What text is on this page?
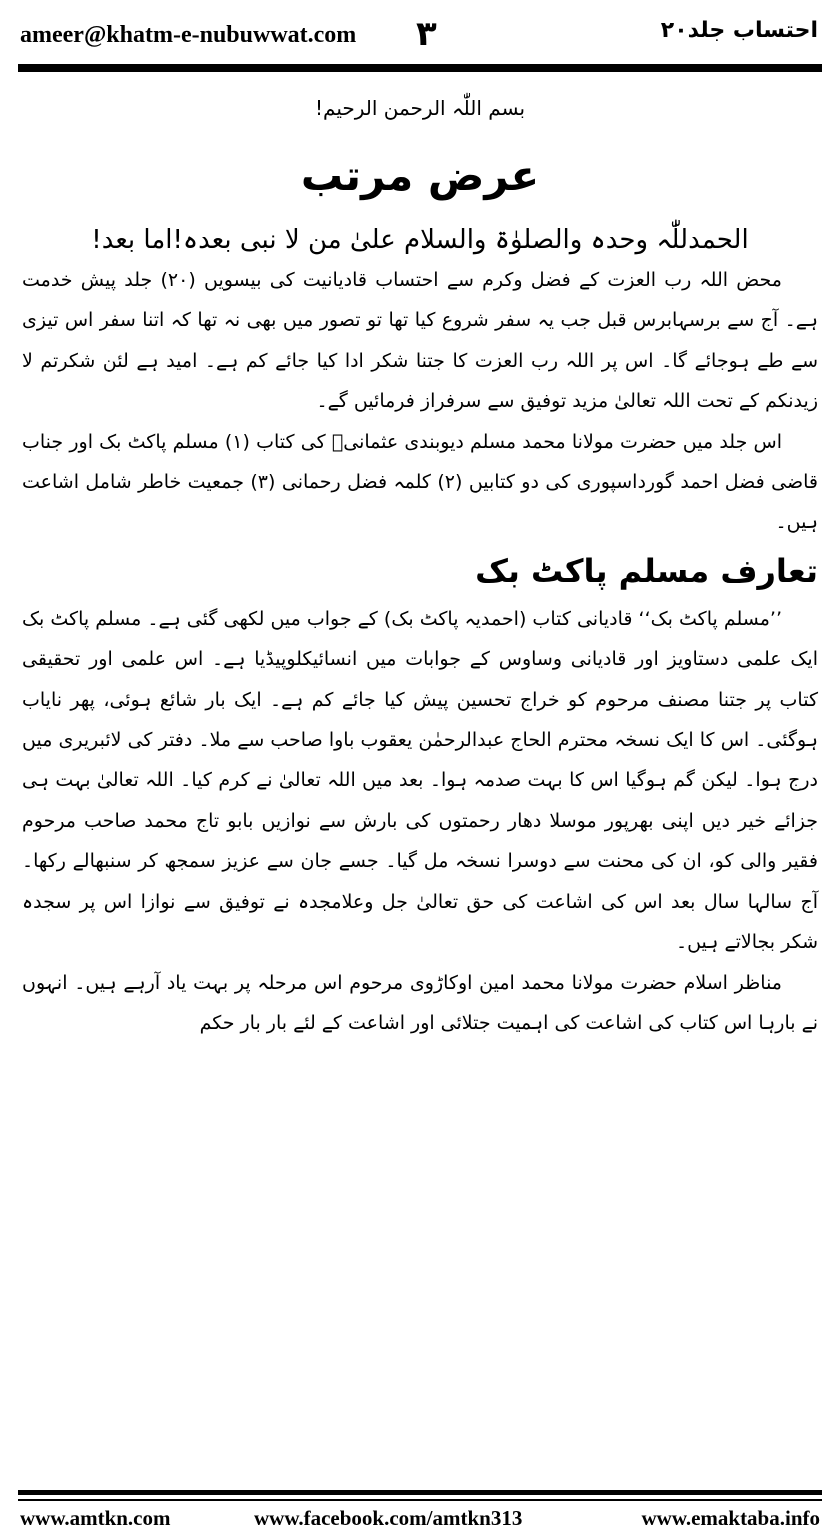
ameer@khatm-e-nubuwwat.com ۳	احتساب جلد۲۰
بسم اللّٰہ الرحمن الرحیم!
عرض مرتب
الحمدللّٰہ وحدہ والصلوٰۃ والسلام علیٰ من لا نبی بعدہ!اما بعد!
محض اللہ رب العزت کے فضل وکرم سے احتساب قادیانیت کی بیسویں (۲۰) جلد پیش خدمت ہے۔ آج سے برسہابرس قبل جب یہ سفر شروع کیا تھا تو تصور میں بھی نہ تھا کہ اتنا سفر اس تیزی سے طے ہوجائے گا۔ اس پر اللہ رب العزت کا جتنا شکر ادا کیا جائے کم ہے۔ امید ہے لئن شکرتم لا زیدنکم کے تحت اللہ تعالیٰ مزید توفیق سے سرفراز فرمائیں گے۔
اس جلد میں حضرت مولانا محمد مسلم دیوبندی عثمانیؒ کی کتاب (۱) مسلم پاکٹ بک اور جناب قاضی فضل احمد گورداسپوری کی دو کتابیں (۲) کلمہ فضل رحمانی (۳) جمعیت خاطر شامل اشاعت ہیں۔
تعارف مسلم پاکٹ بک
’’مسلم پاکٹ بک‘‘ قادیانی کتاب (احمدیہ پاکٹ بک) کے جواب میں لکھی گئی ہے۔ مسلم پاکٹ بک ایک علمی دستاویز اور قادیانی وساوس کے جوابات میں انسائیکلوپیڈیا ہے۔ اس علمی اور تحقیقی کتاب پر جتنا مصنف مرحوم کو خراج تحسین پیش کیا جائے کم ہے۔ ایک بار شائع ہوئی، پھر نایاب ہوگئی۔ اس کا ایک نسخہ محترم الحاج عبدالرحمٰن یعقوب باوا صاحب سے ملا۔ دفتر کی لائبریری میں درج ہوا۔ لیکن گم ہوگیا اس کا بہت صدمہ ہوا۔ بعد میں اللہ تعالیٰ نے کرم کیا۔ اللہ تعالیٰ بہت ہی جزائے خیر دیں اپنی بھرپور موسلا دھار رحمتوں کی بارش سے نوازیں بابو تاج محمد صاحب مرحوم فقیر والی کو، ان کی محنت سے دوسرا نسخہ مل گیا۔ جسے جان سے عزیز سمجھ کر سنبھالے رکھا۔ آج سالہا سال بعد اس کی اشاعت کی حق تعالیٰ جل وعلامجدہ نے توفیق سے نوازا اس پر سجدہ شکر بجالاتے ہیں۔
مناظر اسلام حضرت مولانا محمد امین اوکاڑوی مرحوم اس مرحلہ پر بہت یاد آرہے ہیں۔ انہوں نے بارہا اس کتاب کی اشاعت کی اہمیت جتلائی اور اشاعت کے لئے بار بار حکم
www.amtkn.com	www.facebook.com/amtkn313	www.emaktaba.info
